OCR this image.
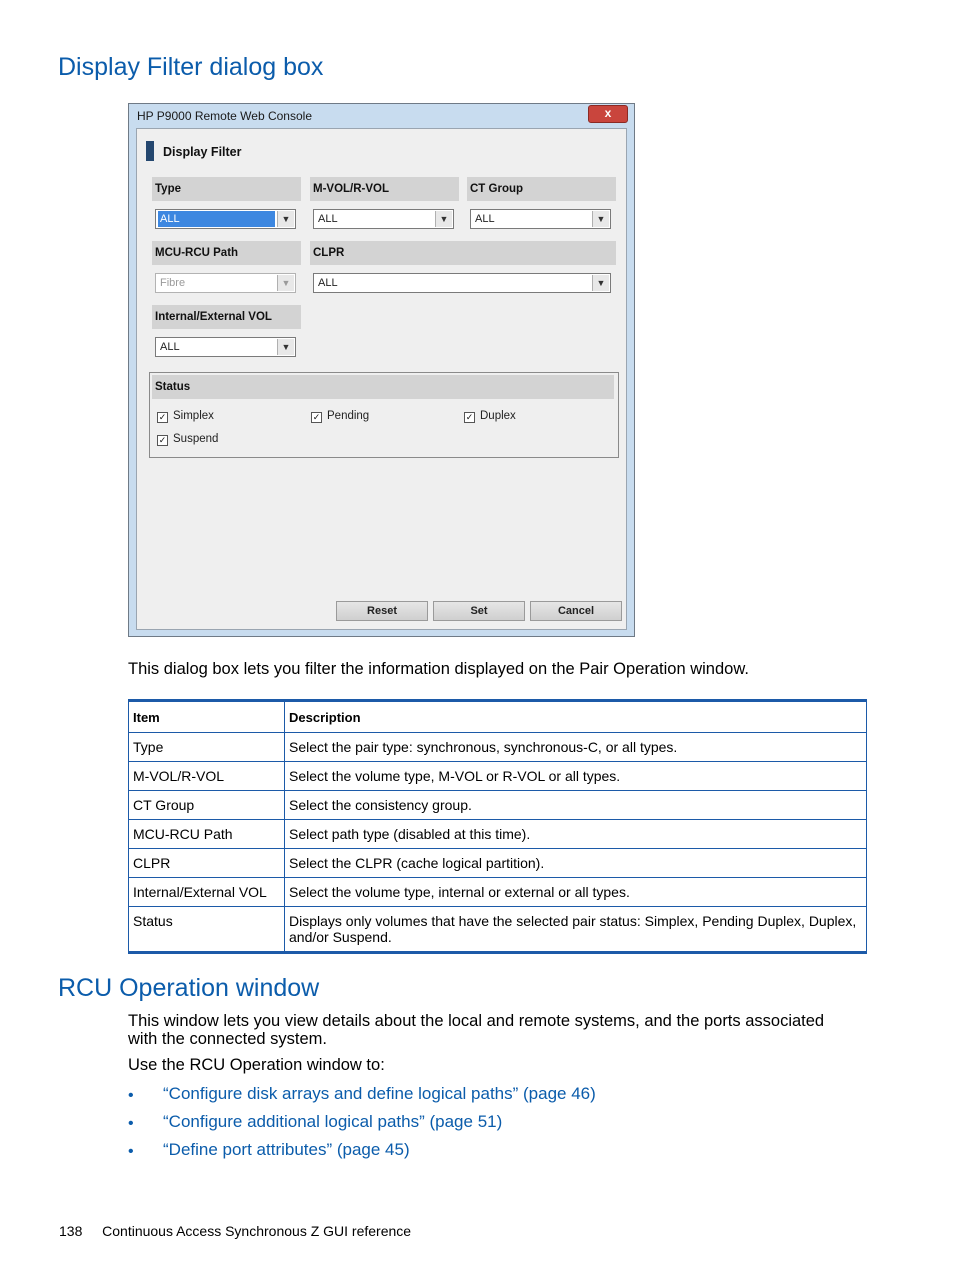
Display Filter dialog box
HP P9000 Remote Web Console	x
Display Filter
Type
ALL	▼
M-VOL/R-VOL
ALL	▼
CT Group
ALL	▼
MCU-RCU Path
Fibre	▼
CLPR
ALL	▼
Internal/External VOL
ALL	▼
Status
✓ Simplex	✓ Pending	✓ Duplex
✓ Suspend
Reset	Set	Cancel
This dialog box lets you filter the information displayed on the Pair Operation window.
Item	Description
Type	Select the pair type: synchronous, synchronous-C, or all types.
M-VOL/R-VOL	Select the volume type, M-VOL or R-VOL or all types.
CT Group	Select the consistency group.
MCU-RCU Path	Select path type (disabled at this time).
CLPR	Select the CLPR (cache logical partition).
Internal/External VOL	Select the volume type, internal or external or all types.
Status	Displays only volumes that have the selected pair status: Simplex, Pending Duplex, Duplex, and/or Suspend.
RCU Operation window
This window lets you view details about the local and remote systems, and the ports associated with the connected system.
Use the RCU Operation window to:
• “Configure disk arrays and define logical paths” (page 46)
• “Configure additional logical paths” (page 51)
• “Define port attributes” (page 45)
138 Continuous Access Synchronous Z GUI reference
